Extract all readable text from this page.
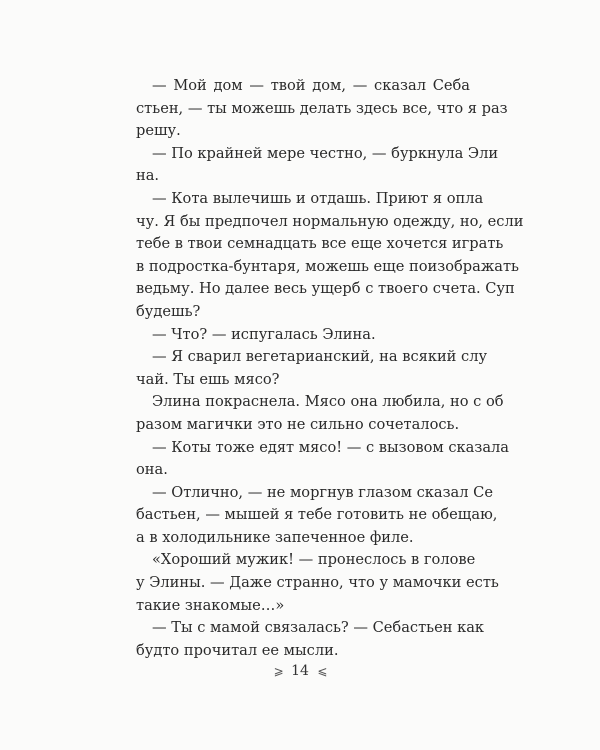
— Мой дом — твой дом, — сказал Себа
стьен, — ты можешь делать здесь все, что я раз
решу.
— По крайней мере честно, — буркнула Эли
на.
— Кота вылечишь и отдашь. Приют я опла
чу. Я бы предпочел нормальную одежду, но, если
тебе в твои семнадцать все еще хочется играть
в подростка-бунтаря, можешь еще поизображать
ведьму. Но далее весь ущерб с твоего счета. Суп
будешь?
— Что? — испугалась Элина.
— Я сварил вегетарианский, на всякий слу
чай. Ты ешь мясо?
Элина покраснела. Мясо она любила, но с об
разом магички это не сильно сочеталось.
— Коты тоже едят мясо! — с вызовом сказала
она.
— Отлично, — не моргнув глазом сказал Се
бастьен, — мышей я тебе готовить не обещаю,
а в холодильнике запеченное филе.
«Хороший мужик! — пронеслось в голове
у Элины. — Даже странно, что у мамочки есть
такие знакомые…»
— Ты с мамой связалась? — Себастьен как
будто прочитал ее мысли.
⩾ 14 ⩽
